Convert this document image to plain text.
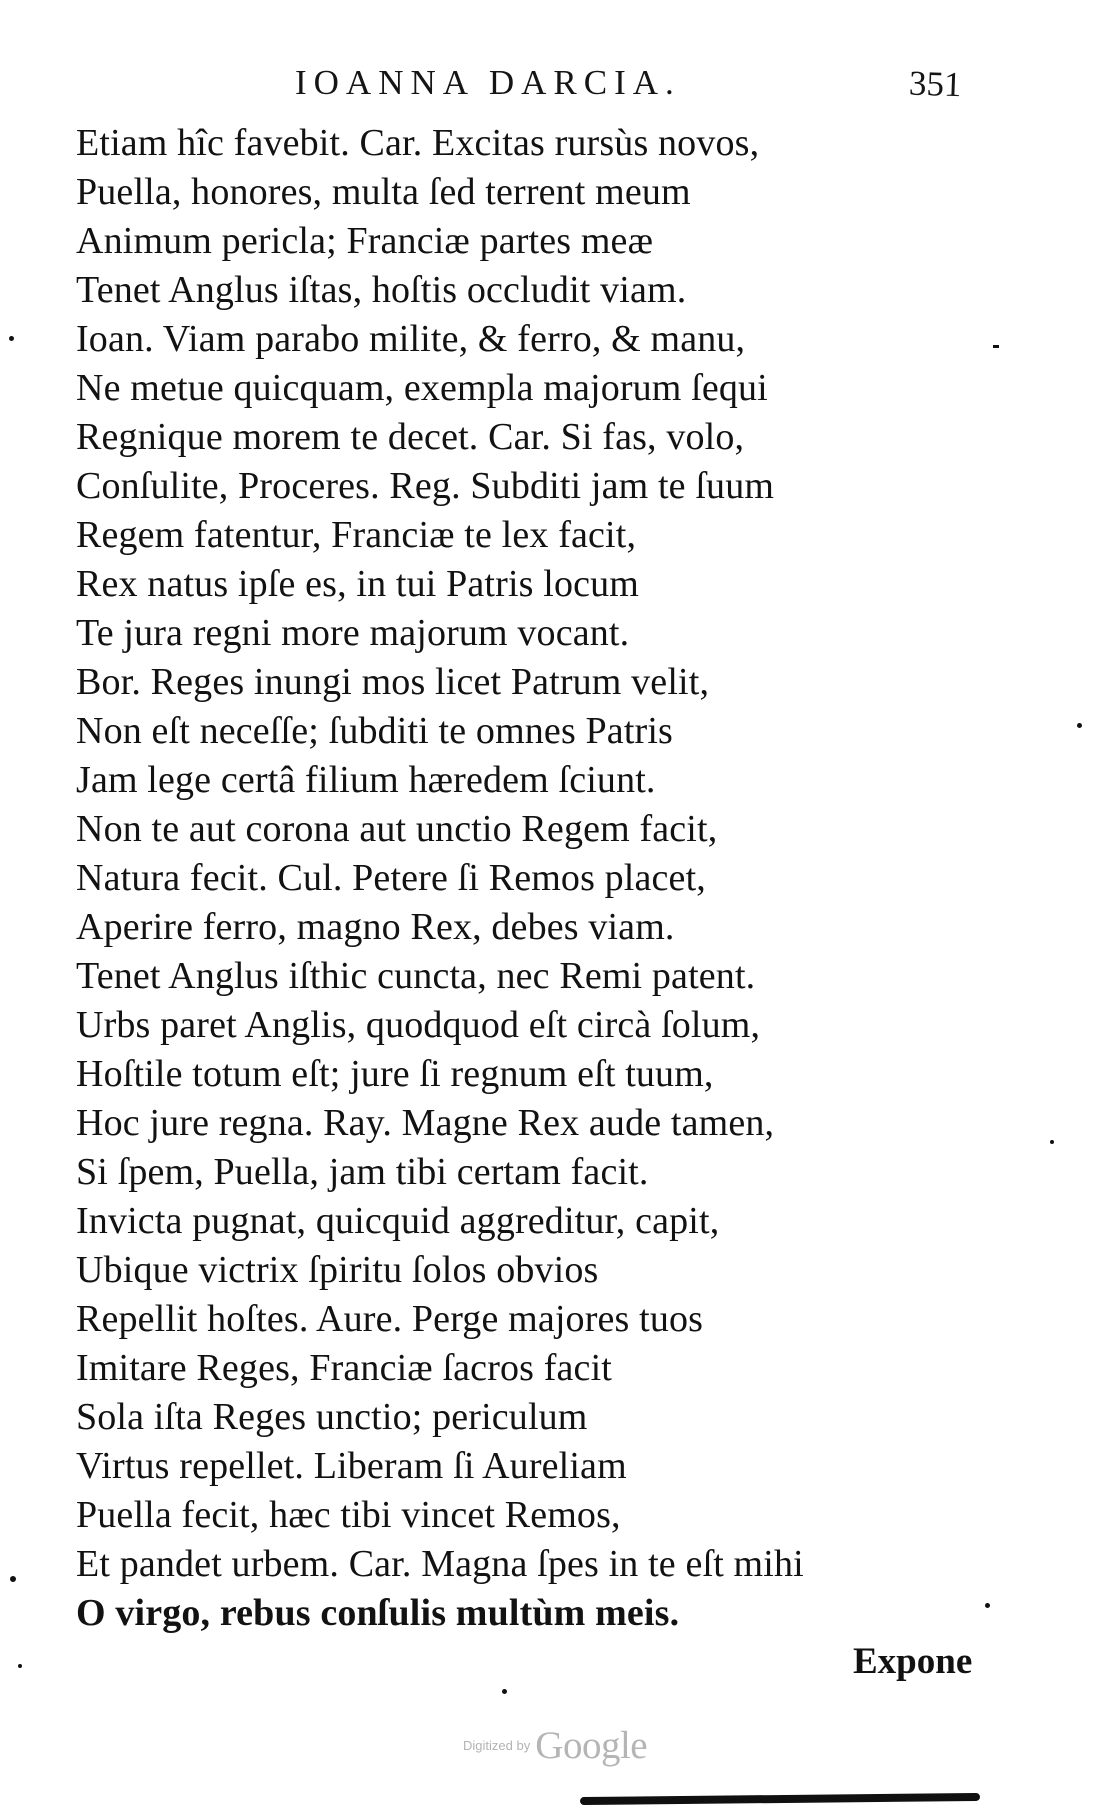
IOANNA DARCIA.	351
Etiam hîc favebit. Car. Excitas rursùs novos,
Puella, honores, multa ſed terrent meum
Animum pericla; Franciæ partes meæ
Tenet Anglus iſtas, hoſtis occludit viam.
Ioan. Viam parabo milite, & ferro, & manu,
Ne metue quicquam, exempla majorum ſequi
Regnique morem te decet. Car. Si fas, volo,
Conſulite, Proceres. Reg. Subditi jam te ſuum
Regem fatentur, Franciæ te lex facit,
Rex natus ipſe es, in tui Patris locum
Te jura regni more majorum vocant.
Bor. Reges inungi mos licet Patrum velit,
Non eſt neceſſe; ſubditi te omnes Patris
Jam lege certâ filium hæredem ſciunt.
Non te aut corona aut unctio Regem facit,
Natura fecit. Cul. Petere ſi Remos placet,
Aperire ferro, magno Rex, debes viam.
Tenet Anglus iſthic cuncta, nec Remi patent.
Urbs paret Anglis, quodquod eſt circà ſolum,
Hoſtile totum eſt; jure ſi regnum eſt tuum,
Hoc jure regna. Ray. Magne Rex aude tamen,
Si ſpem, Puella, jam tibi certam facit.
Invicta pugnat, quicquid aggreditur, capit,
Ubique victrix ſpiritu ſolos obvios
Repellit hoſtes. Aure. Perge majores tuos
Imitare Reges, Franciæ ſacros facit
Sola iſta Reges unctio; periculum
Virtus repellet. Liberam ſi Aureliam
Puella fecit, hæc tibi vincet Remos,
Et pandet urbem. Car. Magna ſpes in te eſt mihi
O virgo, rebus conſulis multùm meis.
Expone
Digitized by Google
